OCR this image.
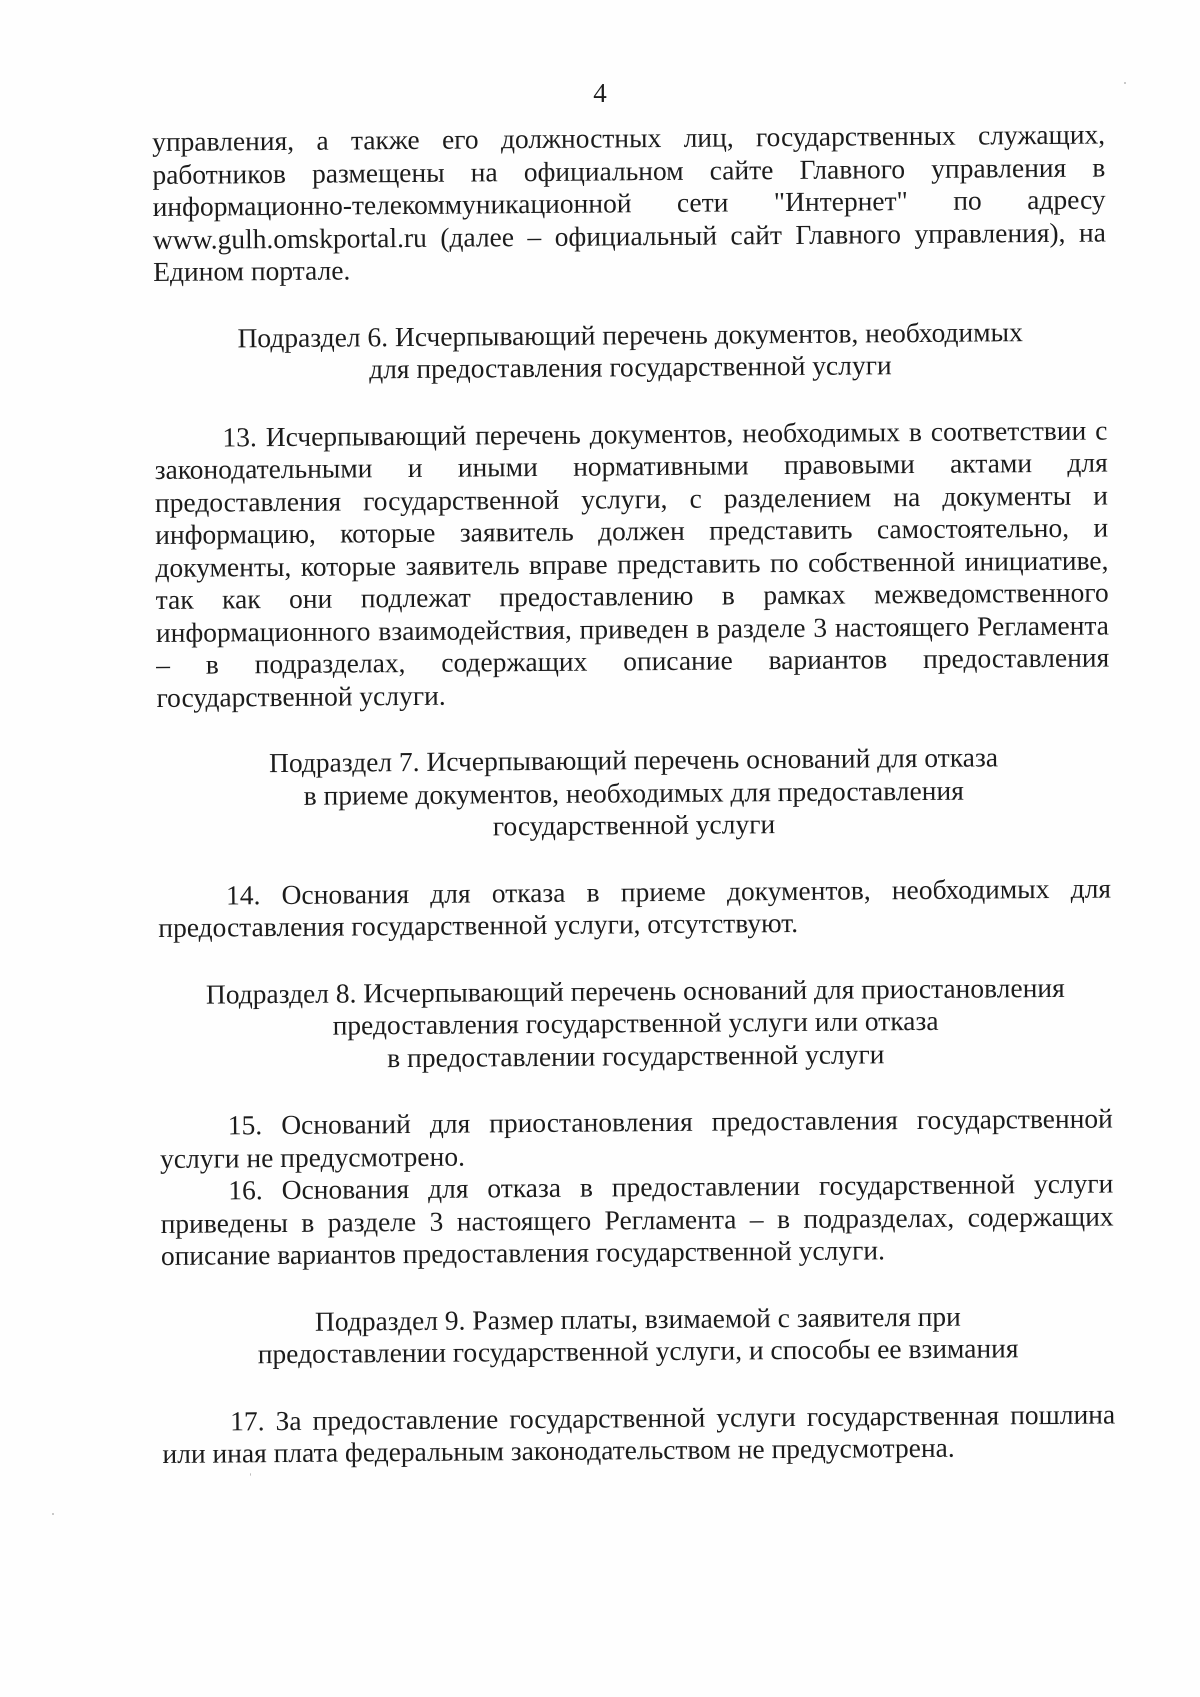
4

управления, а также его должностных лиц, государственных служащих, работников размещены на официальном сайте Главного управления в информационно-телекоммуникационной сети "Интернет" по адресу www.gulh.omskportal.ru (далее – официальный сайт Главного управления), на Едином портале.

Подраздел 6. Исчерпывающий перечень документов, необходимых
для предоставления государственной услуги

13. Исчерпывающий перечень документов, необходимых в соответствии с законодательными и иными нормативными правовыми актами для предоставления государственной услуги, с разделением на документы и информацию, которые заявитель должен представить самостоятельно, и документы, которые заявитель вправе представить по собственной инициативе, так как они подлежат предоставлению в рамках межведомственного информационного взаимодействия, приведен в разделе 3 настоящего Регламента – в подразделах, содержащих описание вариантов предоставления государственной услуги.

Подраздел 7. Исчерпывающий перечень оснований для отказа
в приеме документов, необходимых для предоставления
государственной услуги

14. Основания для отказа в приеме документов, необходимых для предоставления государственной услуги, отсутствуют.

Подраздел 8. Исчерпывающий перечень оснований для приостановления
предоставления государственной услуги или отказа
в предоставлении государственной услуги

15. Оснований для приостановления предоставления государственной услуги не предусмотрено.

16. Основания для отказа в предоставлении государственной услуги приведены в разделе 3 настоящего Регламента – в подразделах, содержащих описание вариантов предоставления государственной услуги.

Подраздел 9. Размер платы, взимаемой с заявителя при
предоставлении государственной услуги, и способы ее взимания

17. За предоставление государственной услуги государственная пошлина или иная плата федеральным законодательством не предусмотрена.
